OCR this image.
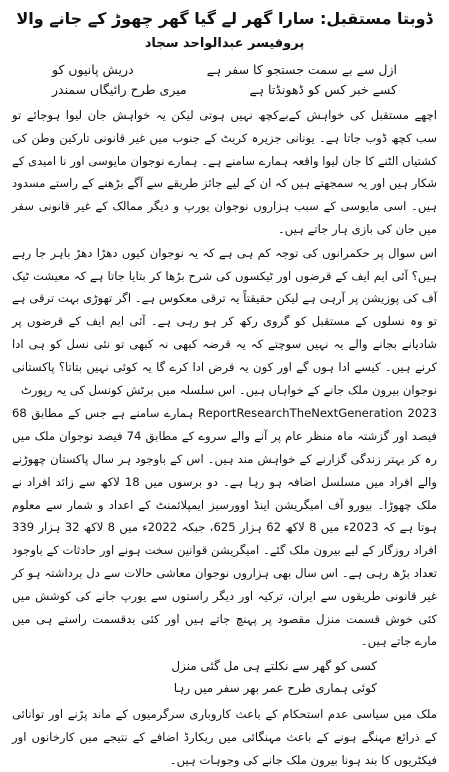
ڈوبتا مستقبل: سارا گھر لے گیا گھر چھوڑ کے جانے والا
پروفیسر عبدالواحد سجاد
ازل سے بے سمت جستجو کا سفر ہے
دریش پانیوں کو
کسے خبر کس کو ڈھونڈتا ہے
میری طرح رائیگاں سمندر

اچھے مستقبل کی خواہش کےبےکچھ نہیں ہوتی لیکن یہ خواہش جان لیوا ہوجائے تو سب کچھ ڈوب جاتا ہے۔ یونانی جزیرہ کریٹ کے جنوب میں غیر قانونی تارکین وطن کی کشتیاں الٹنے کا جان لیوا واقعہ ہمارے سامنے ہے۔ ہمارے نوجوان مایوسی اور نا امیدی کے شکار ہیں اور یہ سمجھتے ہیں کہ ان کے لیے جائز طریقے سے آگے بڑھنے کے راستے مسدود ہیں۔ اسی مایوسی کے سبب ہزاروں نوجوان یورپ و دیگر ممالک کے غیر قانونی سفر میں جان کی بازی ہار جاتے ہیں۔

اس سوال پر حکمرانوں کی توجہ کم ہی ہے کہ یہ نوجوان کیوں دھڑا دھڑ باہر جا رہے ہیں؟ آئی ایم ایف کے قرضوں اور ٹیکسوں کی شرح بڑھا کر بتایا جاتا ہے کہ معیشت ٹیک آف کی پوزیشن پر آرہی ہے لیکن حقیقتاً یہ ترقی معکوس ہے۔ اگر تھوڑی بہت ترقی ہے تو وہ نسلوں کے مستقبل کو گروی رکھ کر ہو رہی ہے۔ آئی ایم ایف کے قرضوں پر شادیانے بجانے والے یہ نہیں سوچتے کہ یہ قرضہ کبھی نہ کبھی تو نئی نسل کو ہی ادا کرنے ہیں۔ کیسے ادا ہوں گے اور کون یہ قرض ادا کرے گا یہ کوئی نہیں بتاتا؟ پاکستانی نوجوان بیرون ملک جانے کے خواہاں ہیں۔ اس سلسلہ میں برٹش کونسل کی یہ رپورٹ

2023 ReportResearchTheNextGeneration ہمارے سامنے ہے جس کے مطابق 68 فیصد اور گزشتہ ماہ منظر عام پر آنے والے سروے کے مطابق 74 فیصد نوجوان ملک میں رہ کر بہتر زندگی گزارنے کے خواہش مند ہیں۔ اس کے باوجود ہر سال پاکستان چھوڑنے والے افراد میں مسلسل اضافہ ہو رہا ہے۔ دو برسوں میں 18 لاکھ سے زائد افراد نے ملک چھوڑا۔ بیورو آف امیگریشن اینڈ اوورسیز ایمپلائمنٹ کے اعداد و شمار سے معلوم ہوتا ہے کہ 2023ء میں 8 لاکھ 62 ہزار 625، جبکہ 2022ء میں 8 لاکھ 32 ہزار 339 افراد روزگار کے لیے بیرون ملک گئے۔ امیگریشن قوانین سخت ہونے اور حادثات کے باوجود تعداد بڑھ رہی ہے۔ اس سال بھی ہزاروں نوجوان معاشی حالات سے دل برداشتہ ہو کر غیر قانونی طریقوں سے ایران، ترکیہ اور دیگر راستوں سے یورپ جانے کی کوشش میں کئی خوش قسمت منزل مقصود پر پہنچ جاتے ہیں اور کئی بدقسمت راستے ہی میں مارے جاتے ہیں۔

کسی کو گھر سے نکلتے ہی مل گئی منزل
کوئی ہماری طرح عمر بھر سفر میں رہا

ملک میں سیاسی عدم استحکام کے باعث کاروباری سرگرمیوں کے ماند پڑنے اور توانائی کے ذرائع مہنگے ہونے کے باعث مہنگائی میں ریکارڈ اضافے کے نتیجے میں کارخانوں اور فیکٹریوں کا بند ہونا بیرون ملک جانے کی وجوہات ہیں۔
